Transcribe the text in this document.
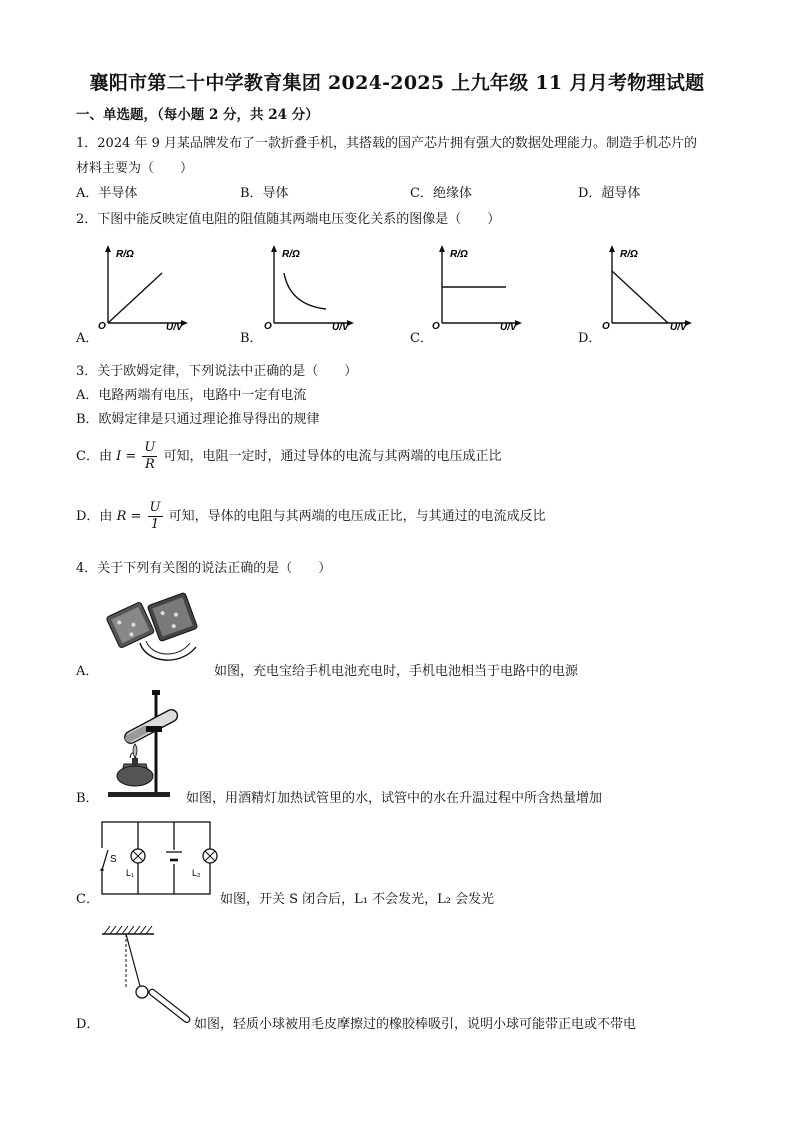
襄阳市第二十中学教育集团 2024-2025 上九年级 11 月月考物理试题
一、单选题，（每小题 2 分，共 24 分）
1．2024 年 9 月某品牌发布了一款折叠手机，其搭载的国产芯片拥有强大的数据处理能力。制造手机芯片的
材料主要为（　　）
A．半导体	B．导体	C．绝缘体	D．超导体
2．下图中能反映定值电阻的阻值随其两端电压变化关系的图像是（　　）
A．	B．	C．	D．
R/Ω
U/V
O
R/Ω
U/V
O
R/Ω
U/V
O
R/Ω
U/V
O
3．关于欧姆定律，下列说法中正确的是（　　）
A．电路两端有电压，电路中一定有电流
B．欧姆定律是只通过理论推导得出的规律
C．由 $I = \frac{U}{R}$ 可知，电阻一定时，通过导体的电流与其两端的电压成正比
D．由 $R = \frac{U}{1}$ 可知，导体的电阻与其两端的电压成正比，与其通过的电流成反比
4．关于下列有关图的说法正确的是（　　）
A．	如图，充电宝给手机电池充电时，手机电池相当于电路中的电源
B．	如图，用酒精灯加热试管里的水，试管中的水在升温过程中所含热量增加
S
L₁	L₂
C．	如图，开关 S 闭合后，L₁ 不会发光，L₂ 会发光
D．	如图，轻质小球被用毛皮摩擦过的橡胶棒吸引，说明小球可能带正电或不带电
